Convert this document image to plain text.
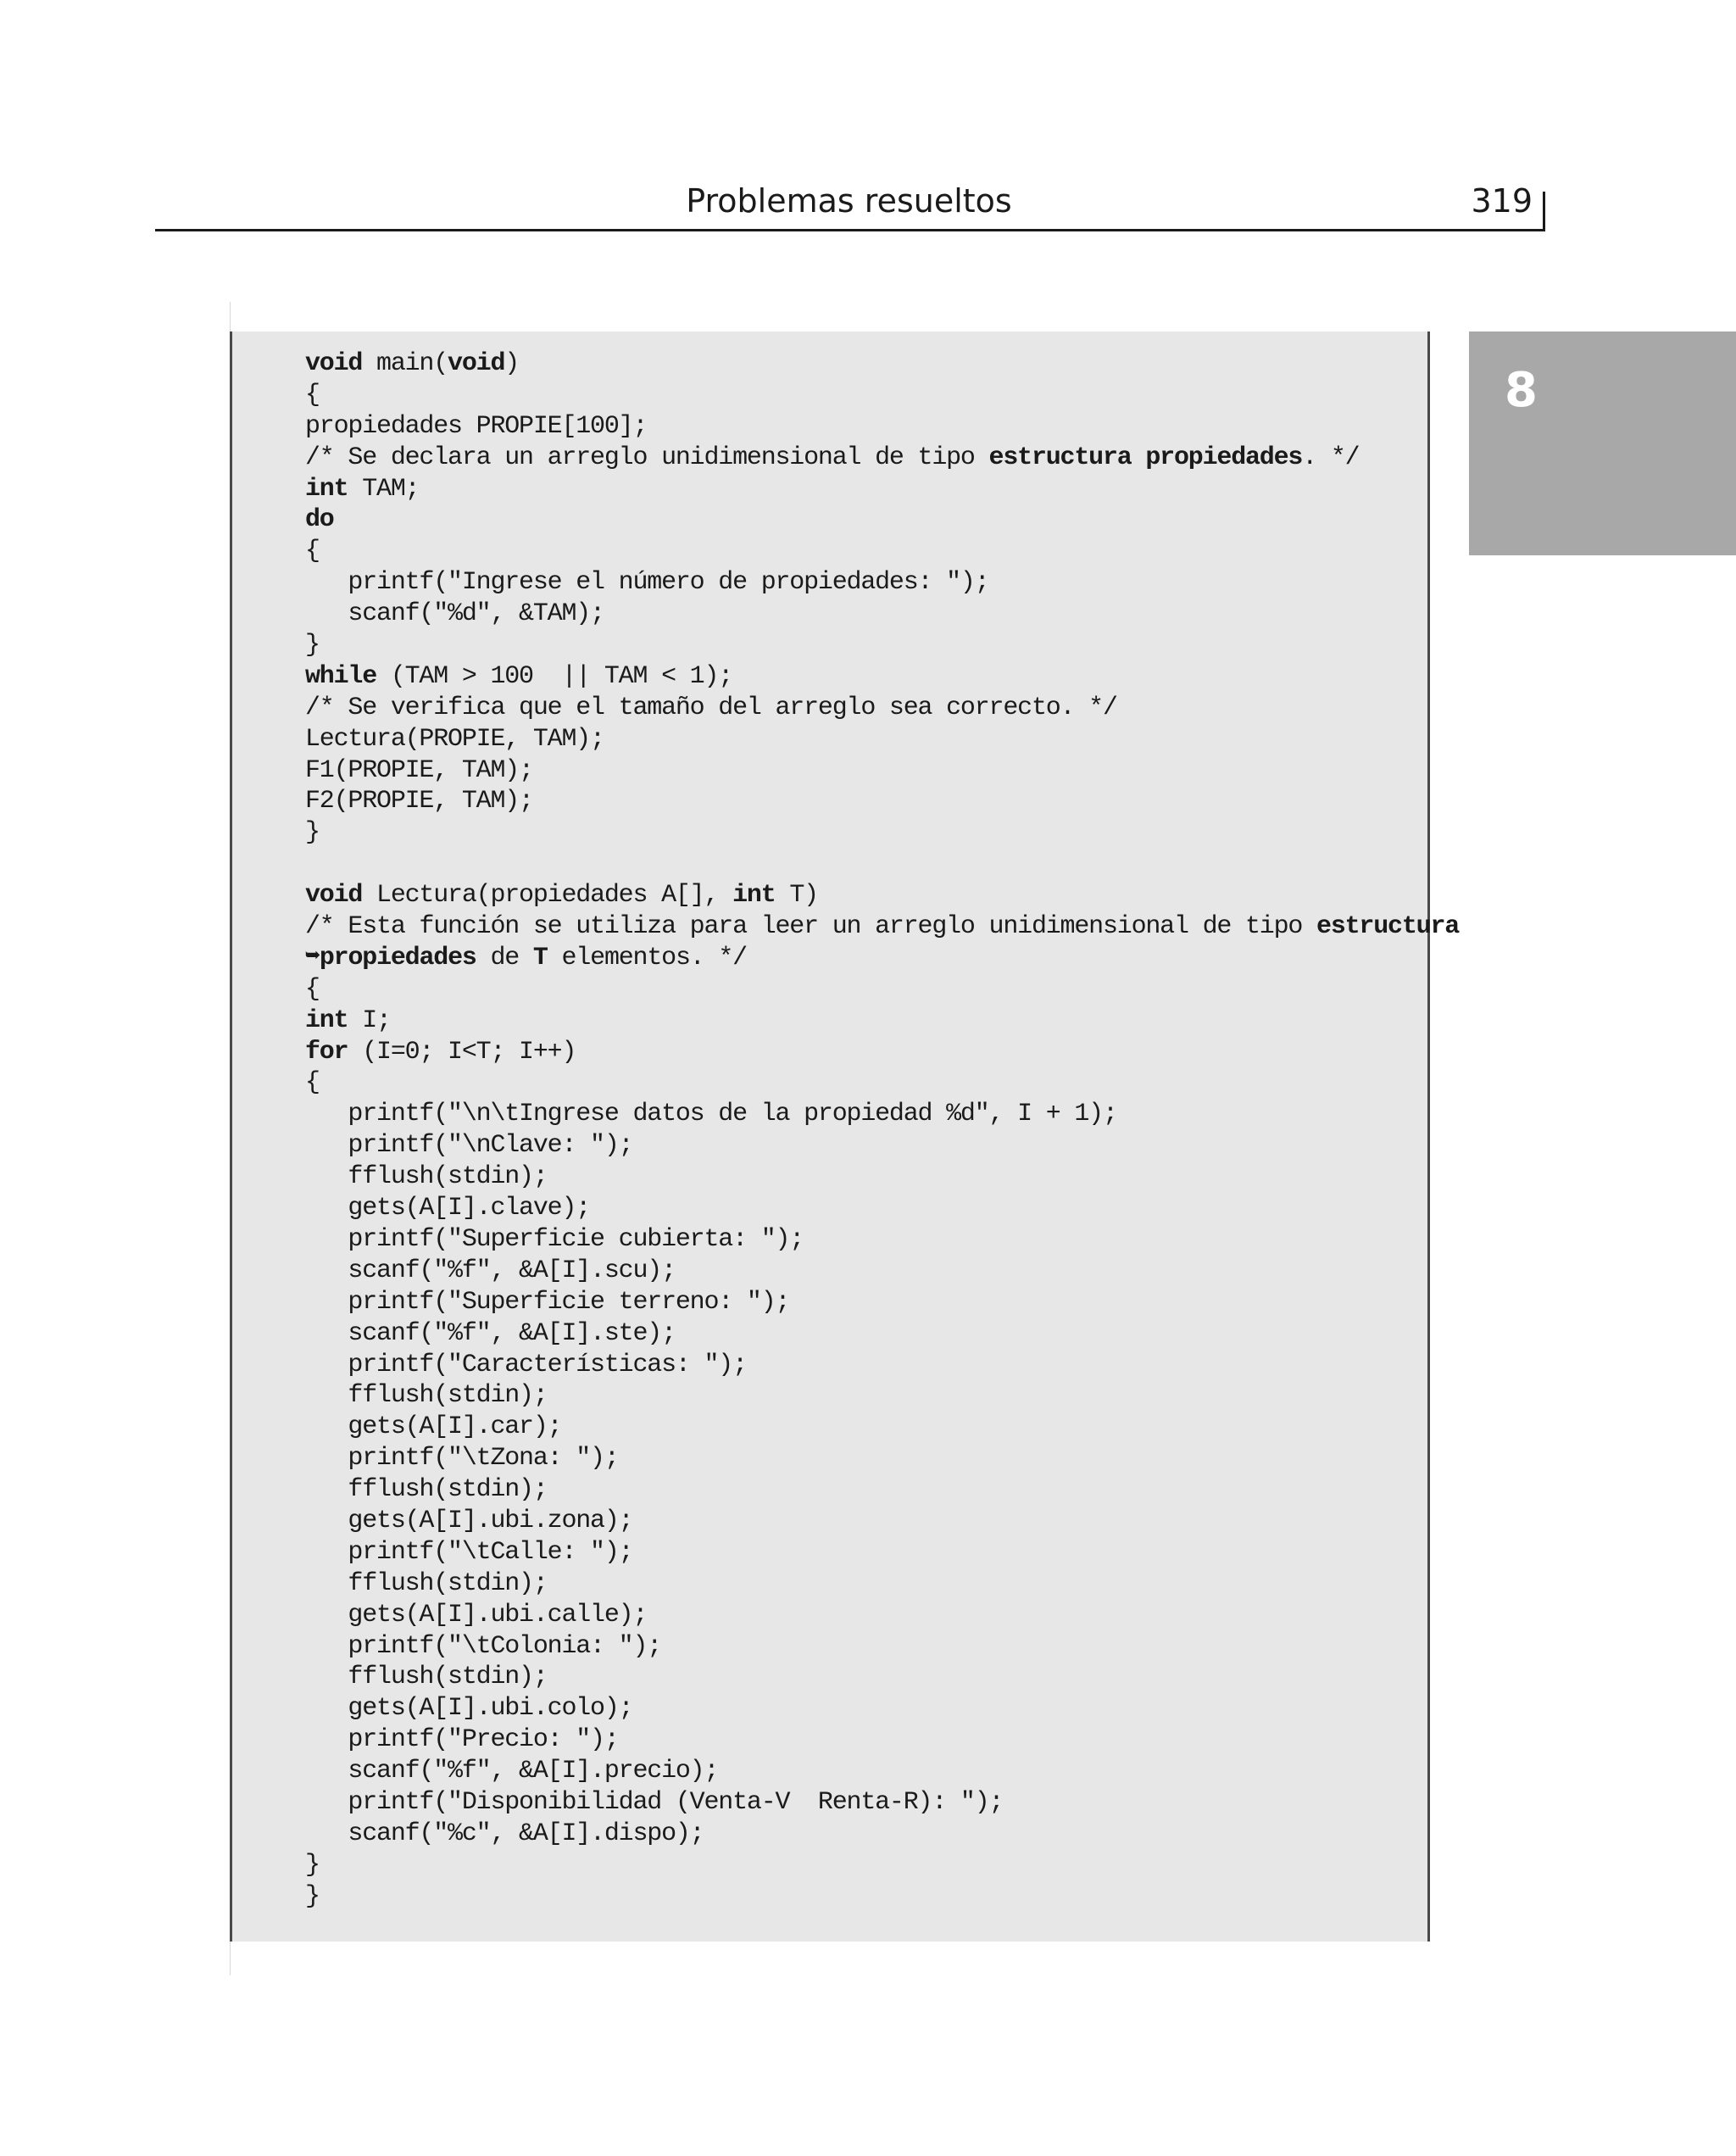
Problemas resueltos	319
8
void main(void)
{
propiedades PROPIE[100];
/* Se declara un arreglo unidimensional de tipo estructura propiedades. */
int TAM;
do
{
printf("Ingrese el número de propiedades: ");
scanf("%d", &TAM);
}
while (TAM > 100  || TAM < 1);
/* Se verifica que el tamaño del arreglo sea correcto. */
Lectura(PROPIE, TAM);
F1(PROPIE, TAM);
F2(PROPIE, TAM);
}
void Lectura(propiedades A[], int T)
/* Esta función se utiliza para leer un arreglo unidimensional de tipo estructura
➥propiedades de T elementos. */
{
int I;
for (I=0; I<T; I++)
{
printf("\n\tIngrese datos de la propiedad %d", I + 1);
printf("\nClave: ");
fflush(stdin);
gets(A[I].clave);
printf("Superficie cubierta: ");
scanf("%f", &A[I].scu);
printf("Superficie terreno: ");
scanf("%f", &A[I].ste);
printf("Características: ");
fflush(stdin);
gets(A[I].car);
printf("\tZona: ");
fflush(stdin);
gets(A[I].ubi.zona);
printf("\tCalle: ");
fflush(stdin);
gets(A[I].ubi.calle);
printf("\tColonia: ");
fflush(stdin);
gets(A[I].ubi.colo);
printf("Precio: ");
scanf("%f", &A[I].precio);
printf("Disponibilidad (Venta-V  Renta-R): ");
scanf("%c", &A[I].dispo);
}
}
